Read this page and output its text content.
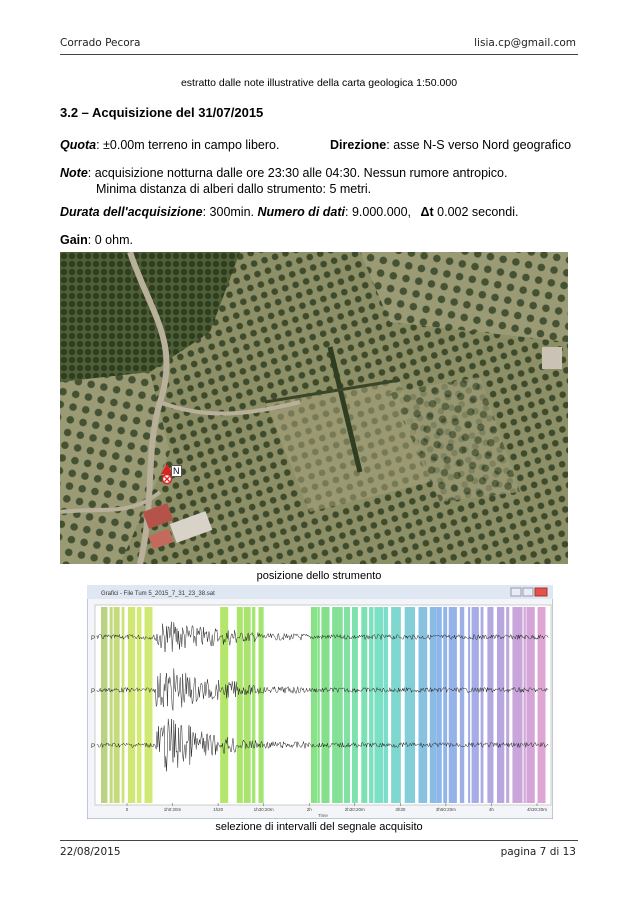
Corrado Pecora	lisia.cp@gmail.com
estratto dalle note illustrative della carta geologica 1:50.000
3.2 – Acquisizione del 31/07/2015
Quota: ±0.00m terreno in campo libero.	Direzione: asse N-S verso Nord geografico
Note: acquisizione notturna dalle ore 23:30 alle 04:30. Nessun rumore antropico.
Minima distanza di alberi dallo strumento: 5 metri.
Durata dell'acquisizione: 300min. Numero di dati: 9.000.000, Δt 0.002 secondi.
Gain: 0 ohm.
N
posizione dello strumento
Grafici - File Tum 5_2015_7_31_23_38.sat
P
P
P
0	1h0:20m	1h20	1h30:20m	2h	2h30:20m	3h30	3h50:20m	4h	4h30:20m
Time
selezione di intervalli del segnale acquisito
22/08/2015	pagina 7 di 13
